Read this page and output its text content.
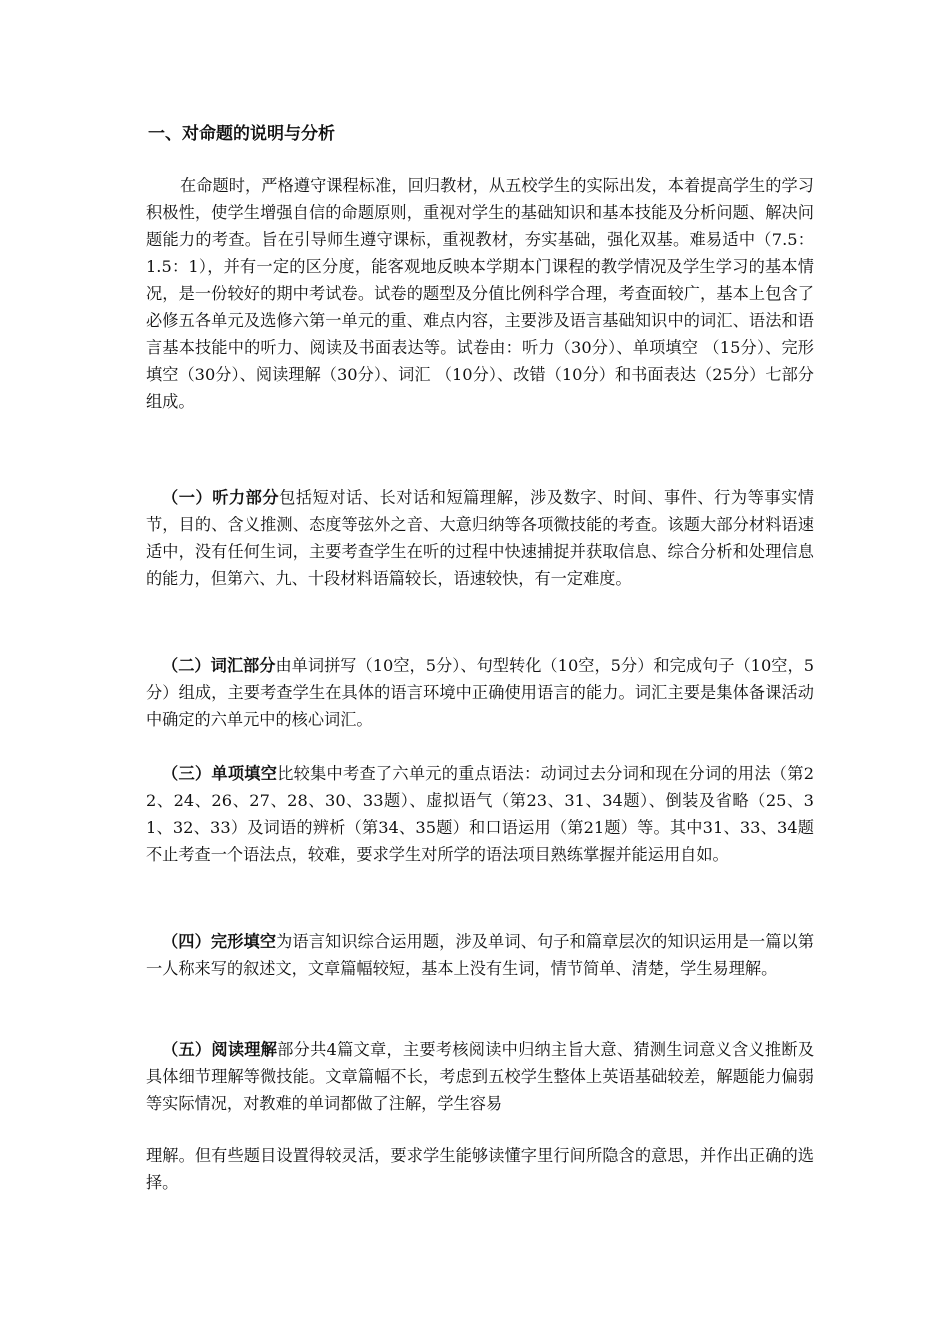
一、对命题的说明与分析

在命题时，严格遵守课程标准，回归教材，从五校学生的实际出发，本着提高学生的学习积极性，使学生增强自信的命题原则，重视对学生的基础知识和基本技能及分析问题、解决问题能力的考查。旨在引导师生遵守课标，重视教材，夯实基础，强化双基。难易适中（7.5：1.5：1），并有一定的区分度，能客观地反映本学期本门课程的教学情况及学生学习的基本情况，是一份较好的期中考试卷。试卷的题型及分值比例科学合理，考查面较广，基本上包含了必修五各单元及选修六第一单元的重、难点内容，主要涉及语言基础知识中的词汇、语法和语言基本技能中的听力、阅读及书面表达等。试卷由：听力（30分）、单项填空 （15分）、完形填空（30分）、阅读理解（30分）、词汇 （10分）、改错（10分）和书面表达（25分）七部分组成。

（一）听力部分包括短对话、长对话和短篇理解，涉及数字、时间、事件、行为等事实情节，目的、含义推测、态度等弦外之音、大意归纳等各项微技能的考查。该题大部分材料语速适中，没有任何生词，主要考查学生在听的过程中快速捕捉并获取信息、综合分析和处理信息的能力，但第六、九、十段材料语篇较长，语速较快，有一定难度。

（二）词汇部分由单词拼写（10空，5分）、句型转化（10空，5分）和完成句子（10空，5分）组成，主要考查学生在具体的语言环境中正确使用语言的能力。词汇主要是集体备课活动中确定的六单元中的核心词汇。

（三）单项填空比较集中考查了六单元的重点语法：动词过去分词和现在分词的用法（第22、24、26、27、28、30、33题）、虚拟语气（第23、31、34题）、倒装及省略（25、31、32、33）及词语的辨析（第34、35题）和口语运用（第21题）等。其中31、33、34题不止考查一个语法点，较难，要求学生对所学的语法项目熟练掌握并能运用自如。

（四）完形填空为语言知识综合运用题，涉及单词、句子和篇章层次的知识运用是一篇以第一人称来写的叙述文，文章篇幅较短，基本上没有生词，情节简单、清楚，学生易理解。

（五）阅读理解部分共4篇文章，主要考核阅读中归纳主旨大意、猜测生词意义含义推断及具体细节理解等微技能。文章篇幅不长，考虑到五校学生整体上英语基础较差，解题能力偏弱等实际情况，对教难的单词都做了注解，学生容易

理解。但有些题目设置得较灵活，要求学生能够读懂字里行间所隐含的意思，并作出正确的选择。
